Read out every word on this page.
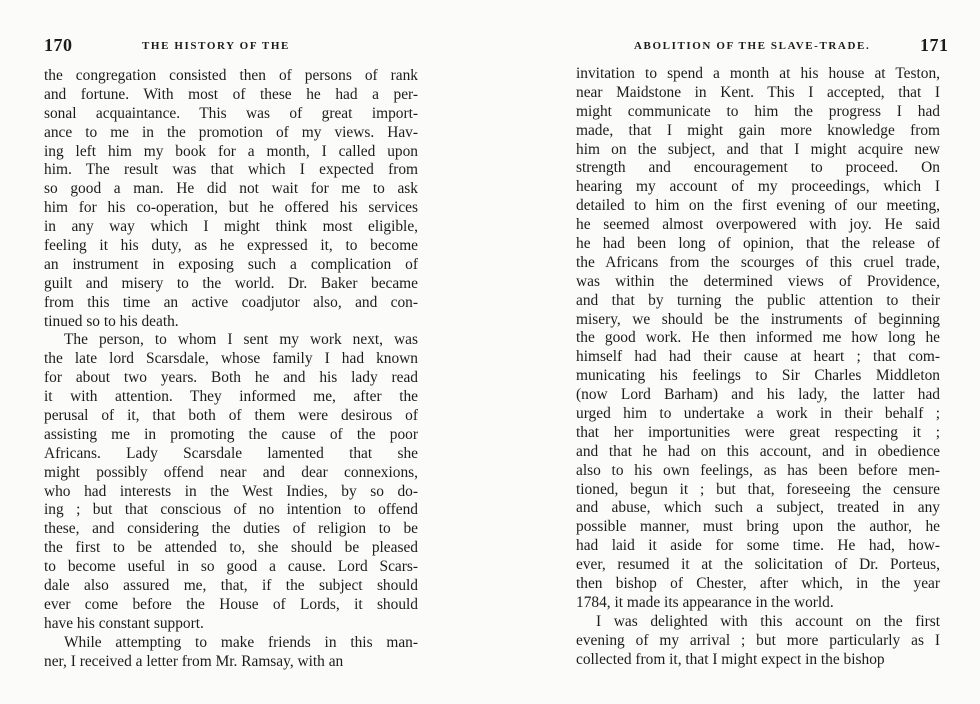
170	THE HISTORY OF THE
the congregation consisted then of persons of rank
and fortune. With most of these he had a per-
sonal acquaintance. This was of great import-
ance to me in the promotion of my views. Hav-
ing left him my book for a month, I called upon
him. The result was that which I expected from
so good a man. He did not wait for me to ask
him for his co-operation, but he offered his services
in any way which I might think most eligible,
feeling it his duty, as he expressed it, to become
an instrument in exposing such a complication of
guilt and misery to the world. Dr. Baker became
from this time an active coadjutor also, and con-
tinued so to his death.
The person, to whom I sent my work next, was
the late lord Scarsdale, whose family I had known
for about two years. Both he and his lady read
it with attention. They informed me, after the
perusal of it, that both of them were desirous of
assisting me in promoting the cause of the poor
Africans. Lady Scarsdale lamented that she
might possibly offend near and dear connexions,
who had interests in the West Indies, by so do-
ing ; but that conscious of no intention to offend
these, and considering the duties of religion to be
the first to be attended to, she should be pleased
to become useful in so good a cause. Lord Scars-
dale also assured me, that, if the subject should
ever come before the House of Lords, it should
have his constant support.
While attempting to make friends in this man-
ner, I received a letter from Mr. Ramsay, with an
ABOLITION OF THE SLAVE-TRADE.	171
invitation to spend a month at his house at Teston,
near Maidstone in Kent. This I accepted, that I
might communicate to him the progress I had
made, that I might gain more knowledge from
him on the subject, and that I might acquire new
strength and encouragement to proceed. On
hearing my account of my proceedings, which I
detailed to him on the first evening of our meeting,
he seemed almost overpowered with joy. He said
he had been long of opinion, that the release of
the Africans from the scourges of this cruel trade,
was within the determined views of Providence,
and that by turning the public attention to their
misery, we should be the instruments of beginning
the good work. He then informed me how long he
himself had had their cause at heart ; that com-
municating his feelings to Sir Charles Middleton
(now Lord Barham) and his lady, the latter had
urged him to undertake a work in their behalf ;
that her importunities were great respecting it ;
and that he had on this account, and in obedience
also to his own feelings, as has been before men-
tioned, begun it ; but that, foreseeing the censure
and abuse, which such a subject, treated in any
possible manner, must bring upon the author, he
had laid it aside for some time. He had, how-
ever, resumed it at the solicitation of Dr. Porteus,
then bishop of Chester, after which, in the year
1784, it made its appearance in the world.
I was delighted with this account on the first
evening of my arrival ; but more particularly as I
collected from it, that I might expect in the bishop
